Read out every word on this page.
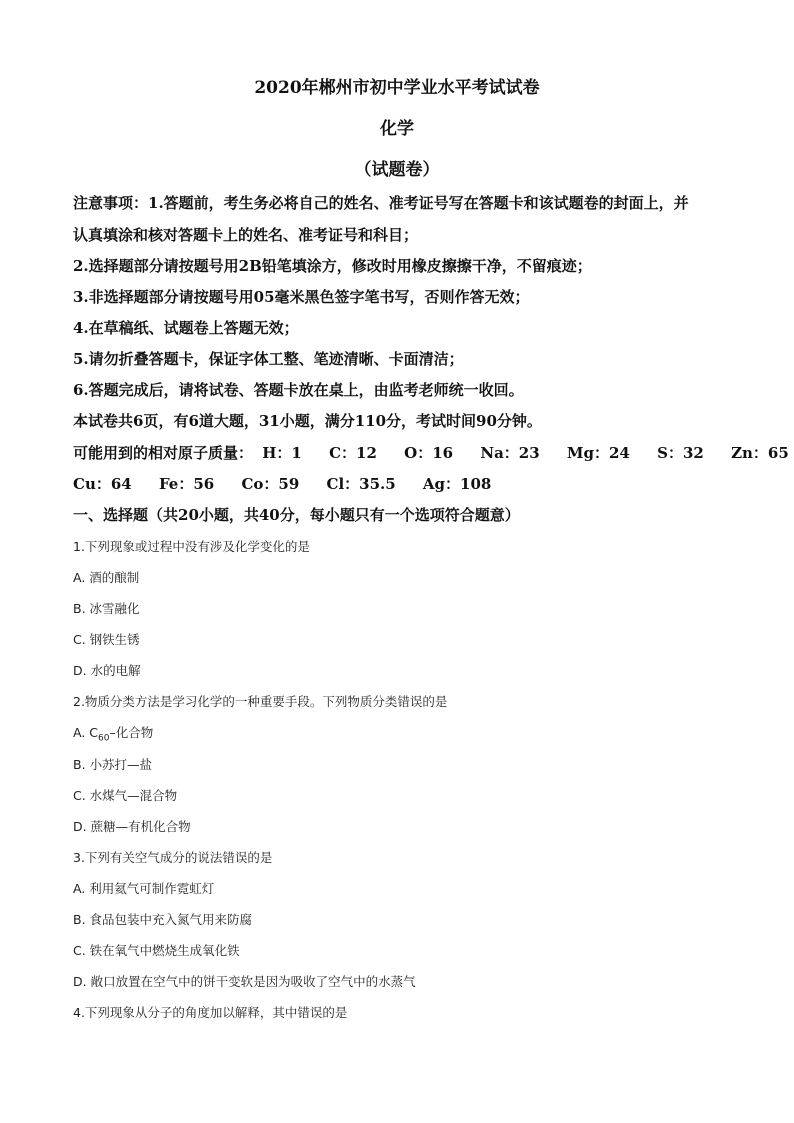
2020年郴州市初中学业水平考试试卷
化学
（试题卷）
注意事项：1.答题前，考生务必将自己的姓名、准考证号写在答题卡和该试题卷的封面上，并
认真填涂和核对答题卡上的姓名、准考证号和科目；
2.选择题部分请按题号用2B铅笔填涂方，修改时用橡皮擦擦干净，不留痕迹；
3.非选择题部分请按题号用05毫米黑色签字笔书写，否则作答无效；
4.在草稿纸、试题卷上答题无效；
5.请勿折叠答题卡，保证字体工整、笔迹清晰、卡面清洁；
6.答题完成后，请将试卷、答题卡放在桌上，由监考老师统一收回。
本试卷共6页，有6道大题，31小题，满分110分，考试时间90分钟。
可能用到的相对原子质量： H：1 C：12 O：16 Na：23 Mg：24 S：32 Zn：65
Cu：64 Fe：56 Co：59 Cl：35.5 Ag：108
一、选择题（共20小题，共40分，每小题只有一个选项符合题意）
1.下列现象或过程中没有涉及化学变化的是
A. 酒的酿制
B. 冰雪融化
C. 钢铁生锈
D. 水的电解
2.物质分类方法是学习化学的一种重要手段。下列物质分类错误的是
A. $C_{60}-$化合物
B. 小苏打—盐
C. 水煤气—混合物
D. 蔗糖—有机化合物
3.下列有关空气成分的说法错误的是
A. 利用氦气可制作霓虹灯
B. 食品包装中充入氮气用来防腐
C. 铁在氧气中燃烧生成氧化铁
D. 敞口放置在空气中的饼干变软是因为吸收了空气中的水蒸气
4.下列现象从分子的角度加以解释，其中错误的是
